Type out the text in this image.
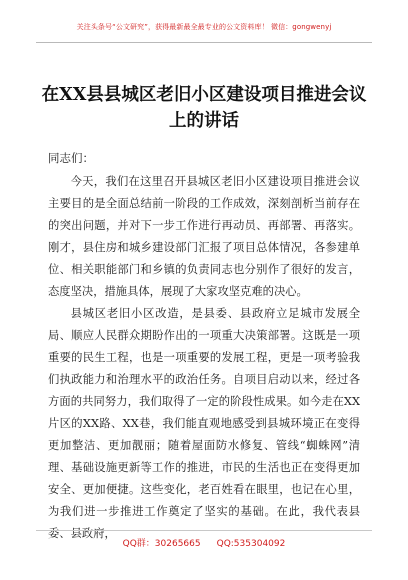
关注头条号“公文研究”，获得最新最全最专业的公文资料库！ 微信：gongwenyj
在XX县县城区老旧小区建设项目推进会议上的讲话

同志们：

今天，我们在这里召开县城区老旧小区建设项目推进会议主要目的是全面总结前一阶段的工作成效，深刻剖析当前存在的突出问题，并对下一步工作进行再动员、再部署、再落实。刚才，县住房和城乡建设部门汇报了项目总体情况，各参建单位、相关职能部门和乡镇的负责同志也分别作了很好的发言，态度坚决，措施具体，展现了大家攻坚克难的决心。

县城区老旧小区改造，是县委、县政府立足城市发展全局、顺应人民群众期盼作出的一项重大决策部署。这既是一项重要的民生工程，也是一项重要的发展工程，更是一项考验我们执政能力和治理水平的政治任务。自项目启动以来，经过各方面的共同努力，我们取得了一定的阶段性成果。如今走在XX片区的XX路、XX巷，我们能直观地感受到县城环境正在变得更加整洁、更加靓丽；随着屋面防水修复、管线“蜘蛛网”清理、基础设施更新等工作的推进，市民的生活也正在变得更加安全、更加便捷。这些变化，老百姓看在眼里，也记在心里，为我们进一步推进工作奠定了坚实的基础。在此，我代表县委、县政府，

QQ群：30265665 QQ:535304092
